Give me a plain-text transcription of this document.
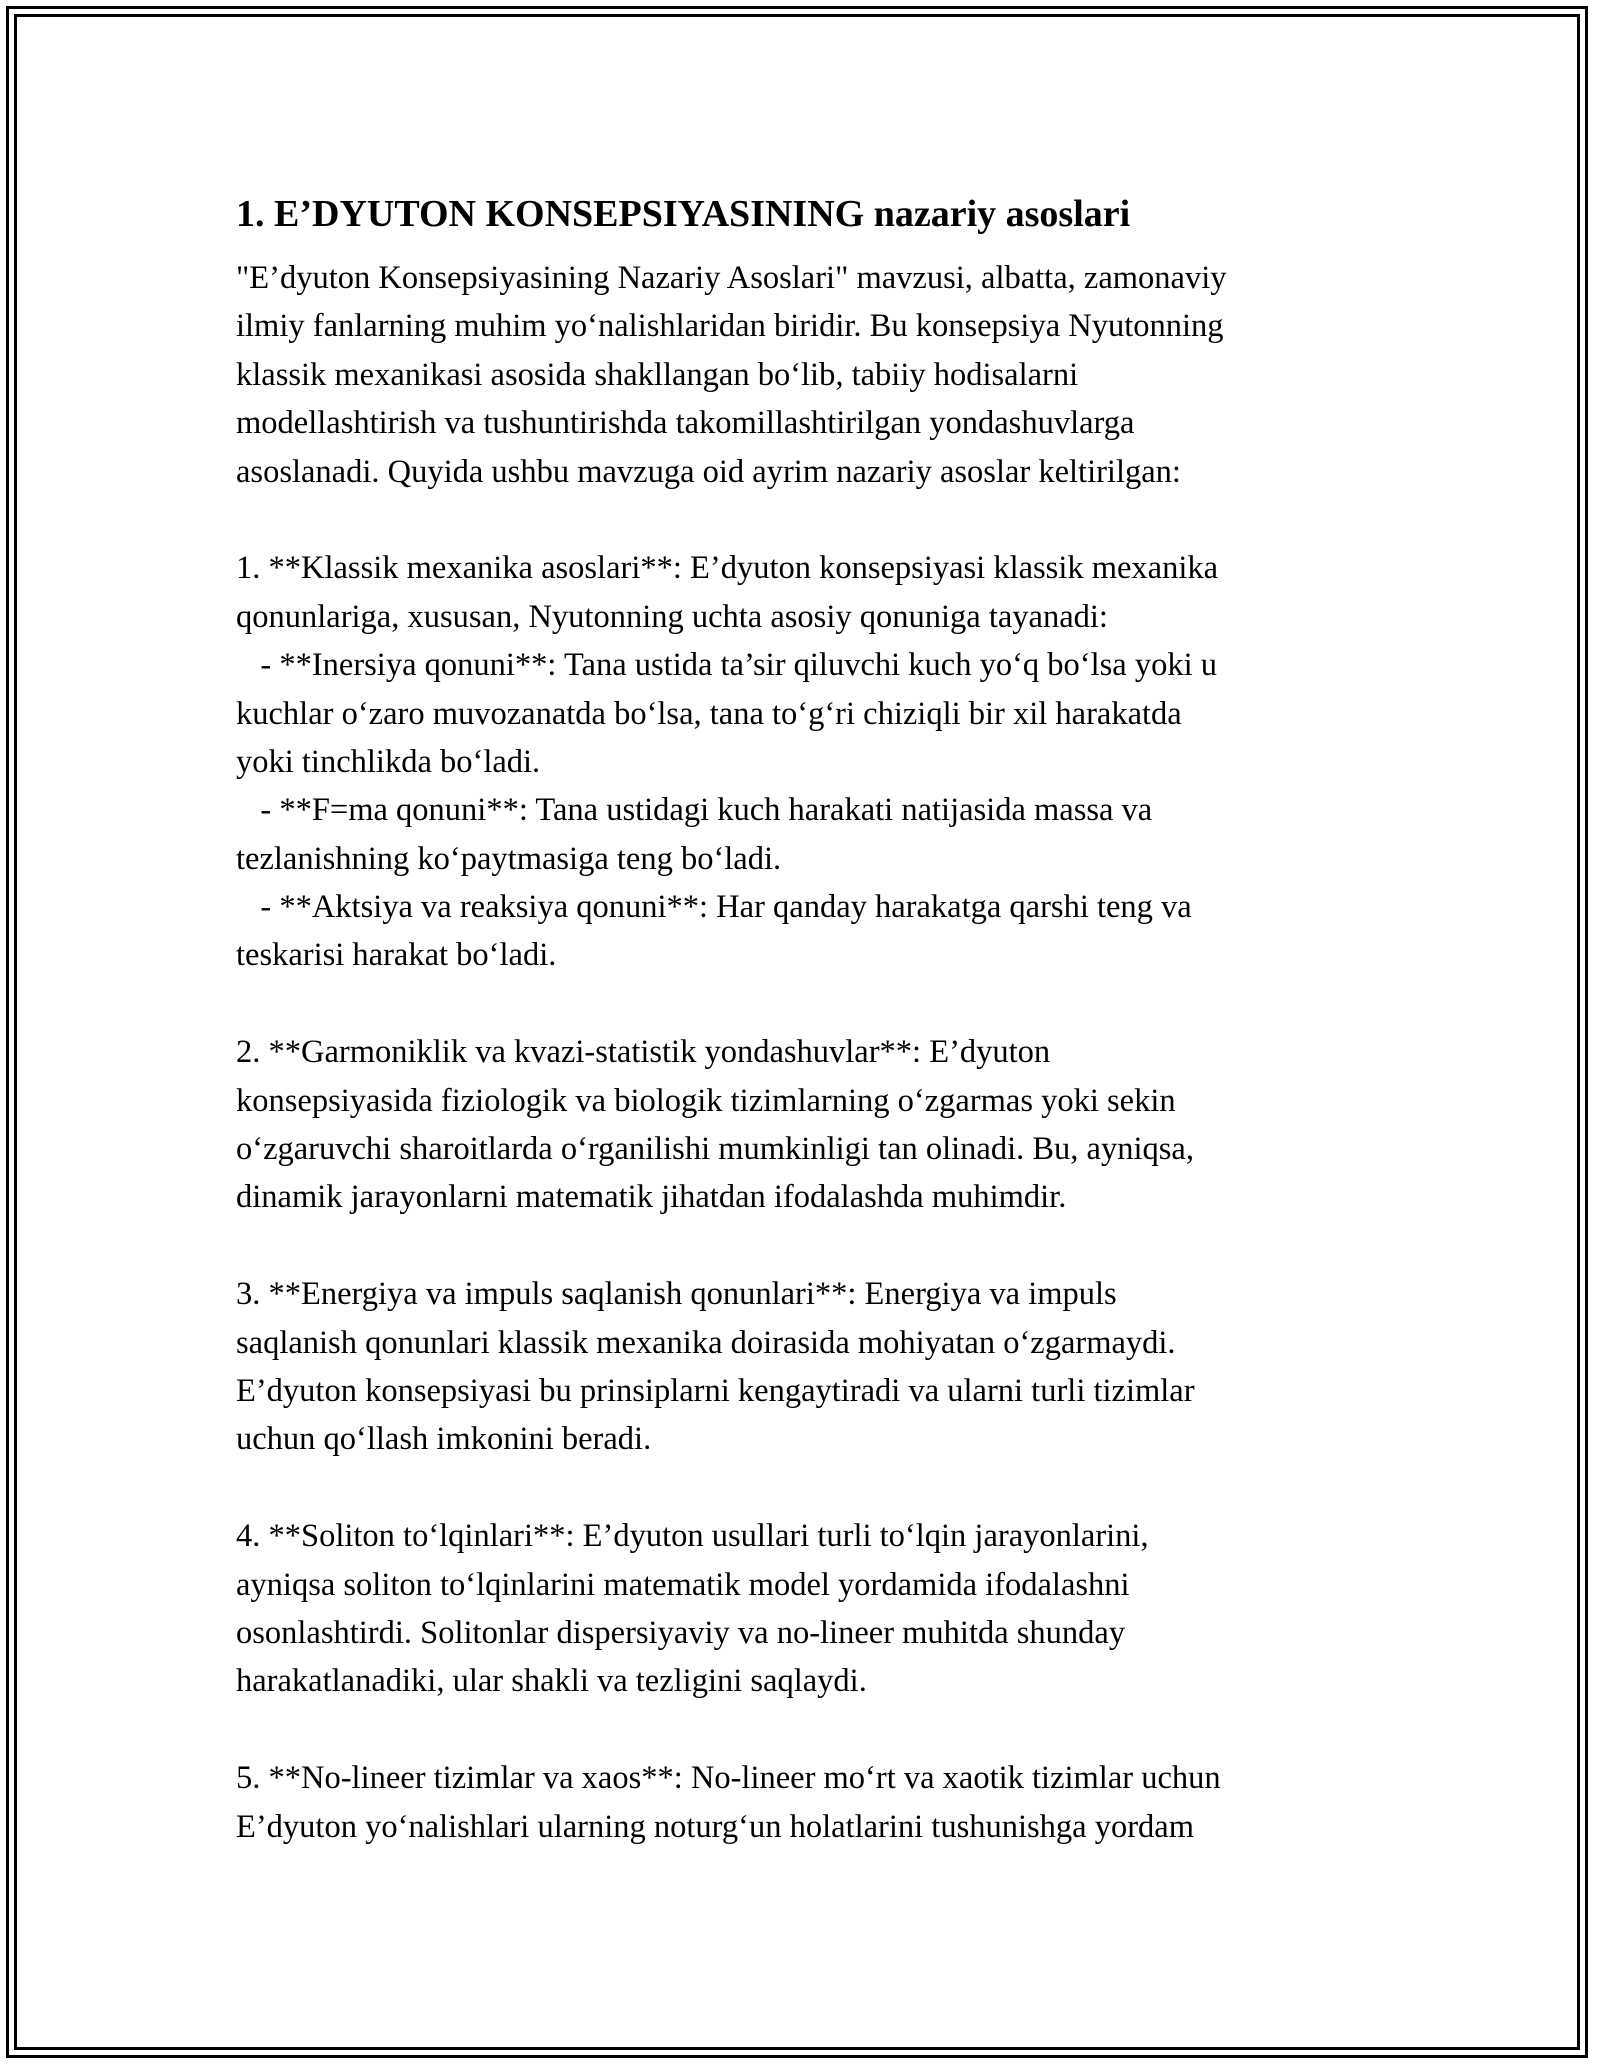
1. E’DYUTON KONSEPSIYASINING nazariy asoslari
"E’dyuton Konsepsiyasining Nazariy Asoslari" mavzusi, albatta, zamonaviy
ilmiy fanlarning muhim yo‘nalishlaridan biridir. Bu konsepsiya Nyutonning
klassik mexanikasi asosida shakllangan bo‘lib, tabiiy hodisalarni
modellashtirish va tushuntirishda takomillashtirilgan yondashuvlarga
asoslanadi. Quyida ushbu mavzuga oid ayrim nazariy asoslar keltirilgan:
1. **Klassik mexanika asoslari**: E’dyuton konsepsiyasi klassik mexanika
qonunlariga, xususan, Nyutonning uchta asosiy qonuniga tayanadi:
- **Inersiya qonuni**: Tana ustida ta’sir qiluvchi kuch yo‘q bo‘lsa yoki u
kuchlar o‘zaro muvozanatda bo‘lsa, tana to‘g‘ri chiziqli bir xil harakatda
yoki tinchlikda bo‘ladi.
- **F=ma qonuni**: Tana ustidagi kuch harakati natijasida massa va
tezlanishning ko‘paytmasiga teng bo‘ladi.
- **Aktsiya va reaksiya qonuni**: Har qanday harakatga qarshi teng va
teskarisi harakat bo‘ladi.
2. **Garmoniklik va kvazi-statistik yondashuvlar**: E’dyuton
konsepsiyasida fiziologik va biologik tizimlarning o‘zgarmas yoki sekin
o‘zgaruvchi sharoitlarda o‘rganilishi mumkinligi tan olinadi. Bu, ayniqsa,
dinamik jarayonlarni matematik jihatdan ifodalashda muhimdir.
3. **Energiya va impuls saqlanish qonunlari**: Energiya va impuls
saqlanish qonunlari klassik mexanika doirasida mohiyatan o‘zgarmaydi.
E’dyuton konsepsiyasi bu prinsiplarni kengaytiradi va ularni turli tizimlar
uchun qo‘llash imkonini beradi.
4. **Soliton to‘lqinlari**: E’dyuton usullari turli to‘lqin jarayonlarini,
ayniqsa soliton to‘lqinlarini matematik model yordamida ifodalashni
osonlashtirdi. Solitonlar dispersiyaviy va no-lineer muhitda shunday
harakatlanadiki, ular shakli va tezligini saqlaydi.
5. **No-lineer tizimlar va xaos**: No-lineer mo‘rt va xaotik tizimlar uchun
E’dyuton yo‘nalishlari ularning noturg‘un holatlarini tushunishga yordam
